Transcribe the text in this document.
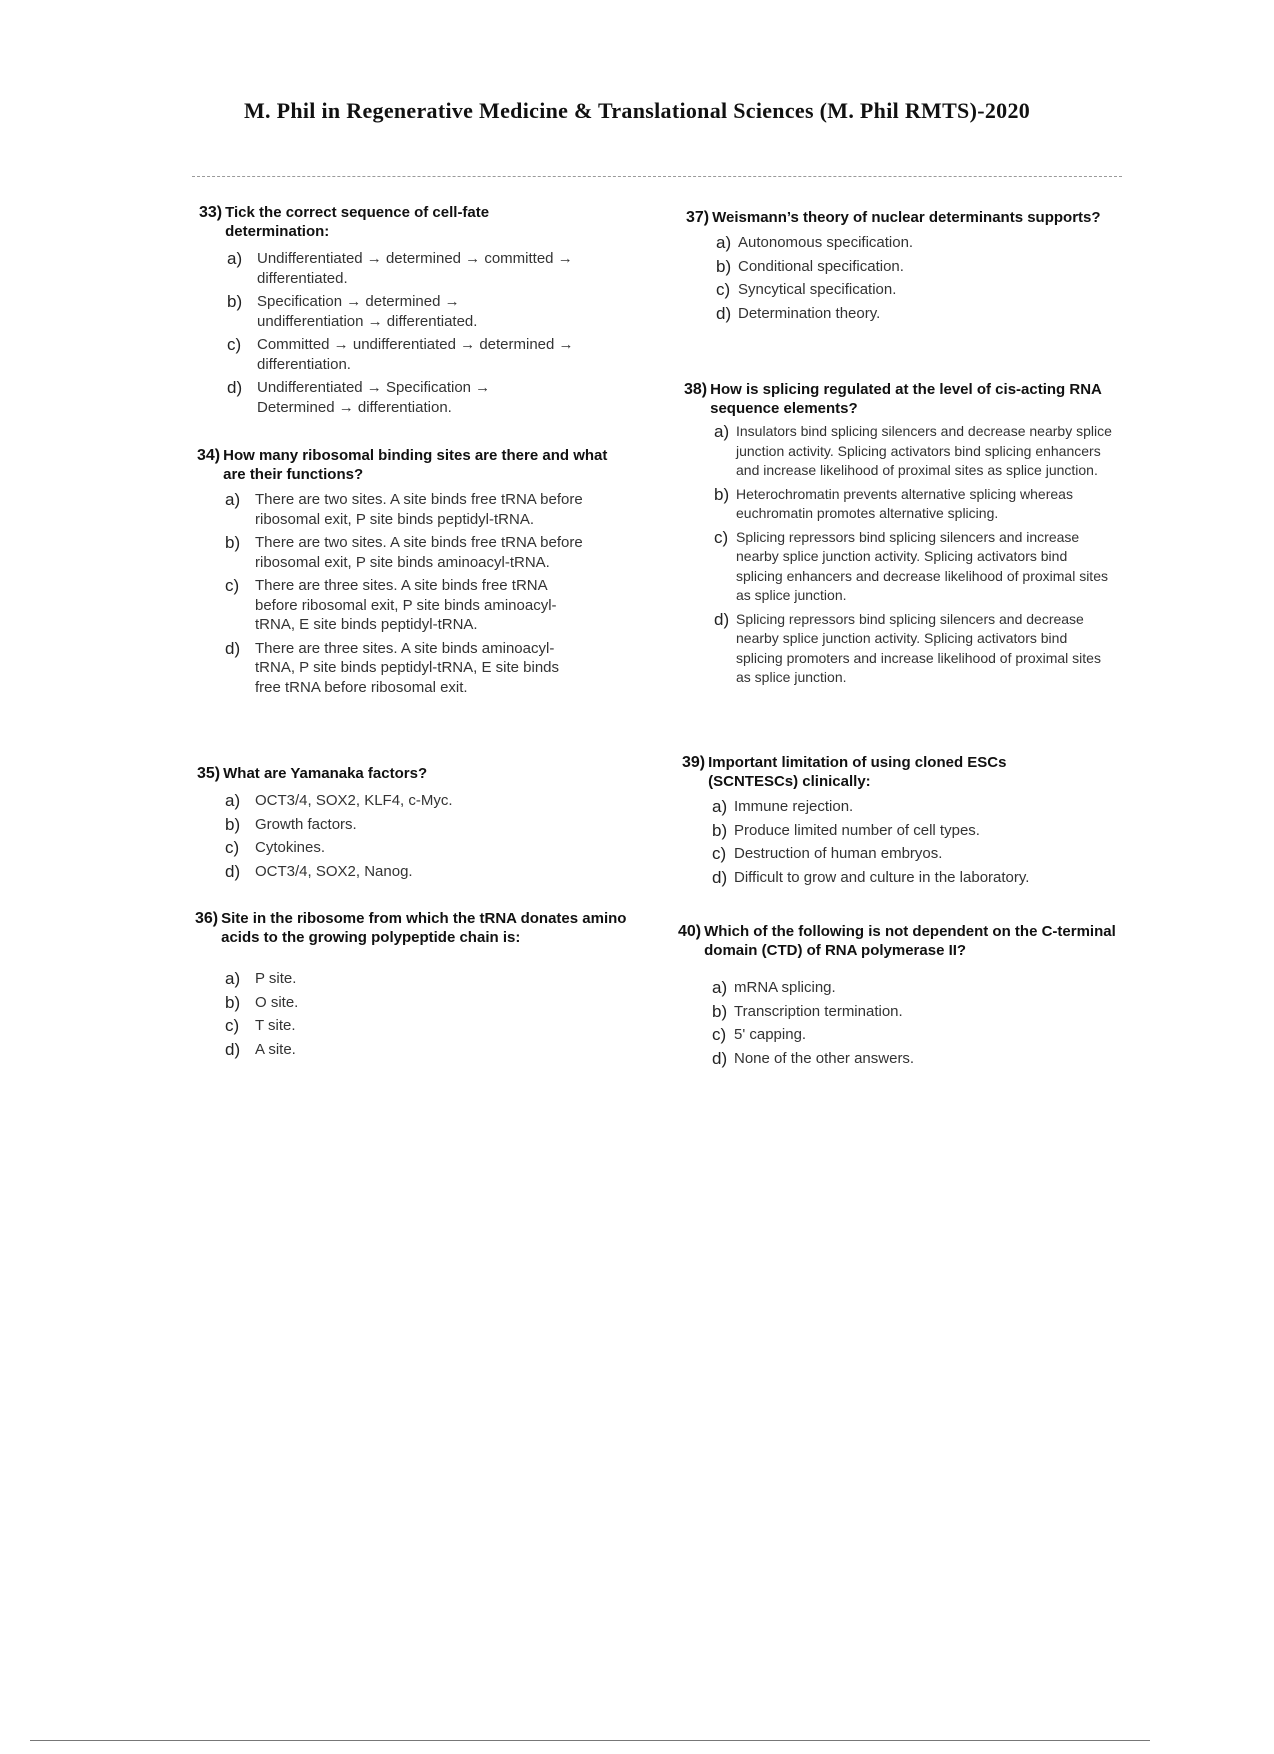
M. Phil in Regenerative Medicine & Translational Sciences (M. Phil RMTS)-2020
33) Tick the correct sequence of cell-fate determination:
a) Undifferentiated → determined → committed → differentiated.
b) Specification → determined → undifferentiation → differentiated.
c)	Committed → undifferentiated → determined → differentiation.
d) Undifferentiated → Specification → Determined → differentiation.
34) How many ribosomal binding sites are there and what are their functions?
a) There are two sites. A site binds free tRNA before ribosomal exit, P site binds peptidyl-tRNA.
b) There are two sites. A site binds free tRNA before ribosomal exit, P site binds aminoacyl-tRNA.
c)	There are three sites. A site binds free tRNA before ribosomal exit, P site binds aminoacyl-tRNA, E site binds peptidyl-tRNA.
d) There are three sites. A site binds aminoacyl-tRNA, P site binds peptidyl-tRNA, E site binds free tRNA before ribosomal exit.
35) What are Yamanaka factors?
a) OCT3/4, SOX2, KLF4, c-Myc.
b) Growth factors.
c)	Cytokines.
d) OCT3/4, SOX2, Nanog.
36) Site in the ribosome from which the tRNA donates amino acids to the growing polypeptide chain is:
a) P site.
b) O site.
c)	T site.
d) A site.
37) Weismann’s theory of nuclear determinants supports?
a) Autonomous specification.
b) Conditional specification.
c) Syncytical specification.
d) Determination theory.
38) How is splicing regulated at the level of cis-acting RNA sequence elements?
a) Insulators bind splicing silencers and decrease nearby splice junction activity. Splicing activators bind splicing enhancers and increase likelihood of proximal sites as splice junction.
b) Heterochromatin prevents alternative splicing whereas euchromatin promotes alternative splicing.
c) Splicing repressors bind splicing silencers and increase nearby splice junction activity. Splicing activators bind splicing enhancers and decrease likelihood of proximal sites as splice junction.
d) Splicing repressors bind splicing silencers and decrease nearby splice junction activity. Splicing activators bind splicing promoters and increase likelihood of proximal sites as splice junction.
39) Important limitation of using cloned ESCs (SCNTESCs) clinically:
a) Immune rejection.
b) Produce limited number of cell types.
c) Destruction of human embryos.
d) Difficult to grow and culture in the laboratory.
40) Which of the following is not dependent on the C-terminal domain (CTD) of RNA polymerase II?
a) mRNA splicing.
b) Transcription termination.
c) 5' capping.
d) None of the other answers.
